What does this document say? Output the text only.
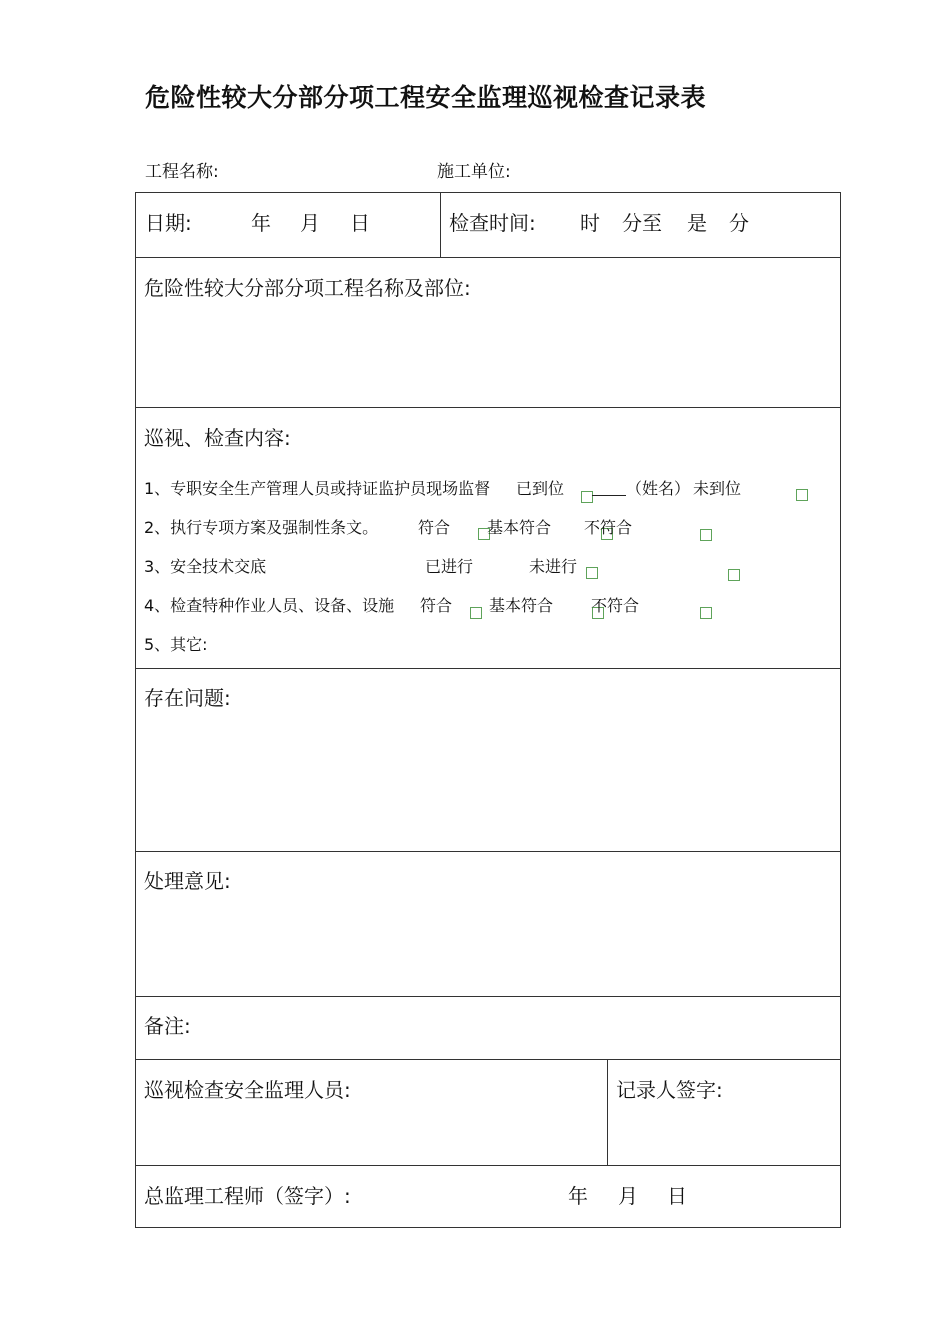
危险性较大分部分项工程安全监理巡视检查记录表
工程名称:	施工单位:
日期:	年 月 日	检查时间: 时 分至 是 分
危险性较大分部分项工程名称及部位:
巡视、检查内容:
1、专职安全生产管理人员或持证监护员现场监督 已到位	（姓名） 未到位
2、执行专项方案及强制性条文。 符合 基本符合 不符合
3、安全技术交底	已进行	未进行
4、检查特种作业人员、设备、设施 符合 基本符合 不符合
5、其它:
存在问题:
处理意见:
备注:
巡视检查安全监理人员:	记录人签字:
总监理工程师（签字）:	年 月 日
